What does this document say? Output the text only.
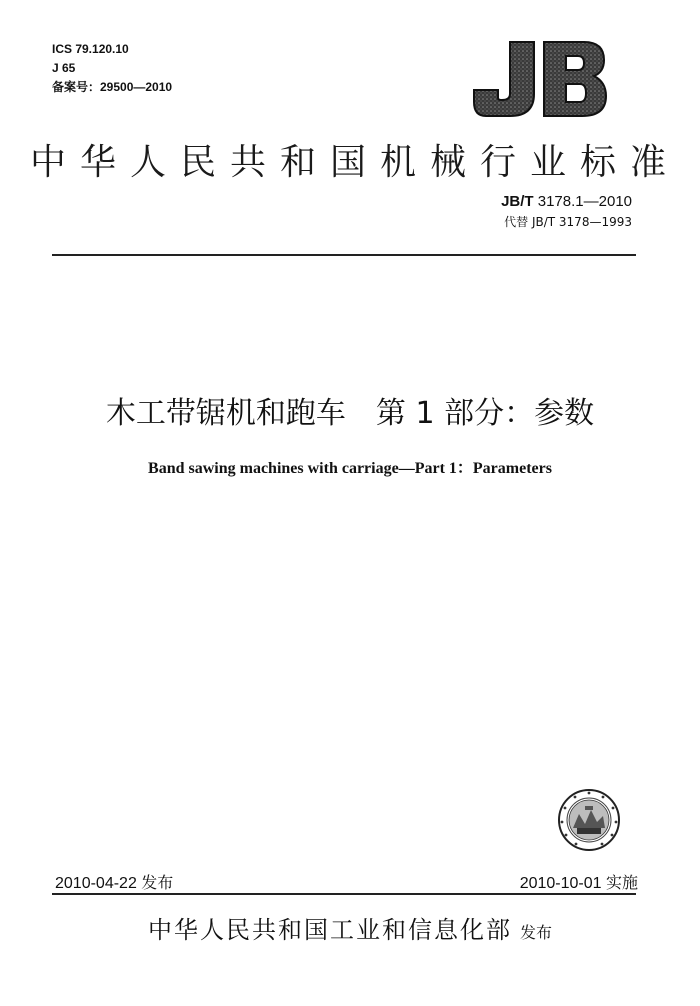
ICS 79.120.10
J 65
备案号：29500—2010
中华人民共和国机械行业标准
JB/T 3178.1—2010
代替 JB/T 3178—1993
木工带锯机和跑车　第 1 部分：参数
Band sawing machines with carriage—Part 1：Parameters
2010-04-22 发布	2010-10-01 实施
中华人民共和国工业和信息化部 发布
